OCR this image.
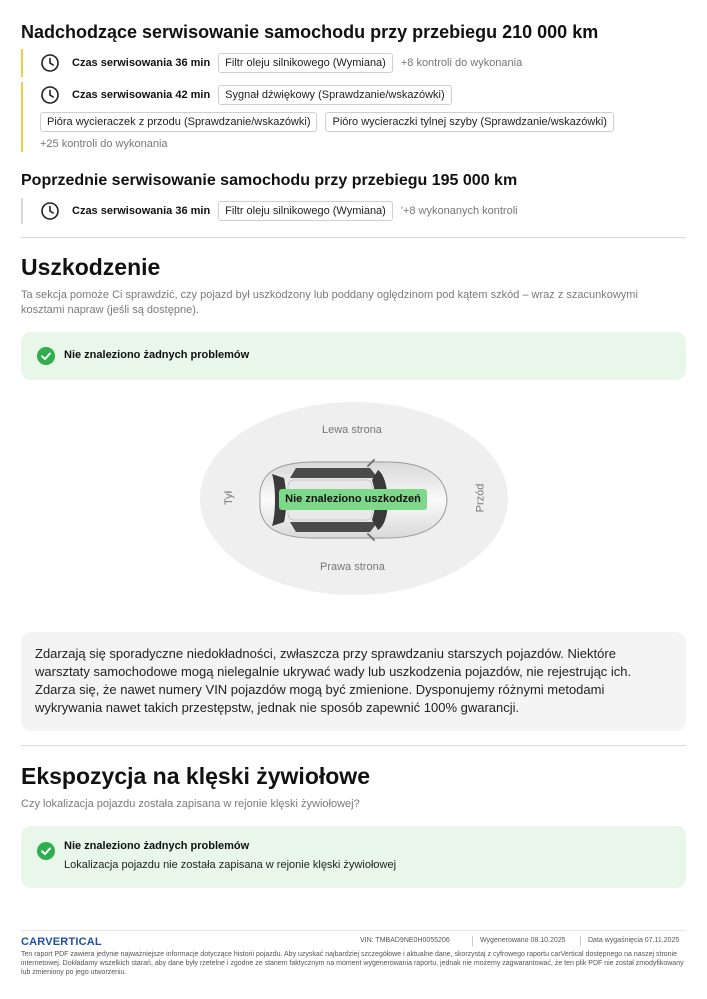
Nadchodzące serwisowanie samochodu przy przebiegu 210 000 km
Czas serwisowania 36 min	Filtr oleju silnikowego (Wymiana)	+8 kontroli do wykonania
Czas serwisowania 42 min	Sygnał dźwiękowy (Sprawdzanie/wskazówki)
Pióra wycieraczek z przodu (Sprawdzanie/wskazówki)	Pióro wycieraczki tylnej szyby (Sprawdzanie/wskazówki)
+25 kontroli do wykonania
Poprzednie serwisowanie samochodu przy przebiegu 195 000 km
Czas serwisowania 36 min	Filtr oleju silnikowego (Wymiana)	'+8 wykonanych kontroli
Uszkodzenie
Ta sekcja pomoże Ci sprawdzić, czy pojazd był uszkodzony lub poddany oględzinom pod kątem szkód – wraz z szacunkowymi kosztami napraw (jeśli są dostępne).
Nie znaleziono żadnych problemów
Lewa strona
Prawa strona
Tył	Przód
Nie znaleziono uszkodzeń
Zdarzają się sporadyczne niedokładności, zwłaszcza przy sprawdzaniu starszych pojazdów. Niektóre warsztaty samochodowe mogą nielegalnie ukrywać wady lub uszkodzenia pojazdów, nie rejestrując ich. Zdarza się, że nawet numery VIN pojazdów mogą być zmienione. Dysponujemy różnymi metodami wykrywania nawet takich przestępstw, jednak nie sposób zapewnić 100% gwarancji.
Ekspozycja na klęski żywiołowe
Czy lokalizacja pojazdu została zapisana w rejonie klęski żywiołowej?
Nie znaleziono żadnych problemów
Lokalizacja pojazdu nie została zapisana w rejonie klęski żywiołowej
CARVERTICAL	VIN: TMBAD9NE0H0055206	Wygenerowano 08.10.2025	Data wygaśnięcia 07.11.2025
Ten raport PDF zawiera jedynie najważniejsze informacje dotyczące historii pojazdu. Aby uzyskać najbardziej szczegółowe i aktualne dane, skorzystaj z cyfrowego raportu carVertical dostępnego na naszej stronie internetowej. Dokładamy wszelkich starań, aby dane były rzetelne i zgodne ze stanem faktycznym na moment wygenerowania raportu, jednak nie możemy zagwarantować, że ten plik PDF nie został zmodyfikowany lub zmieniony po jego utworzeniu.
